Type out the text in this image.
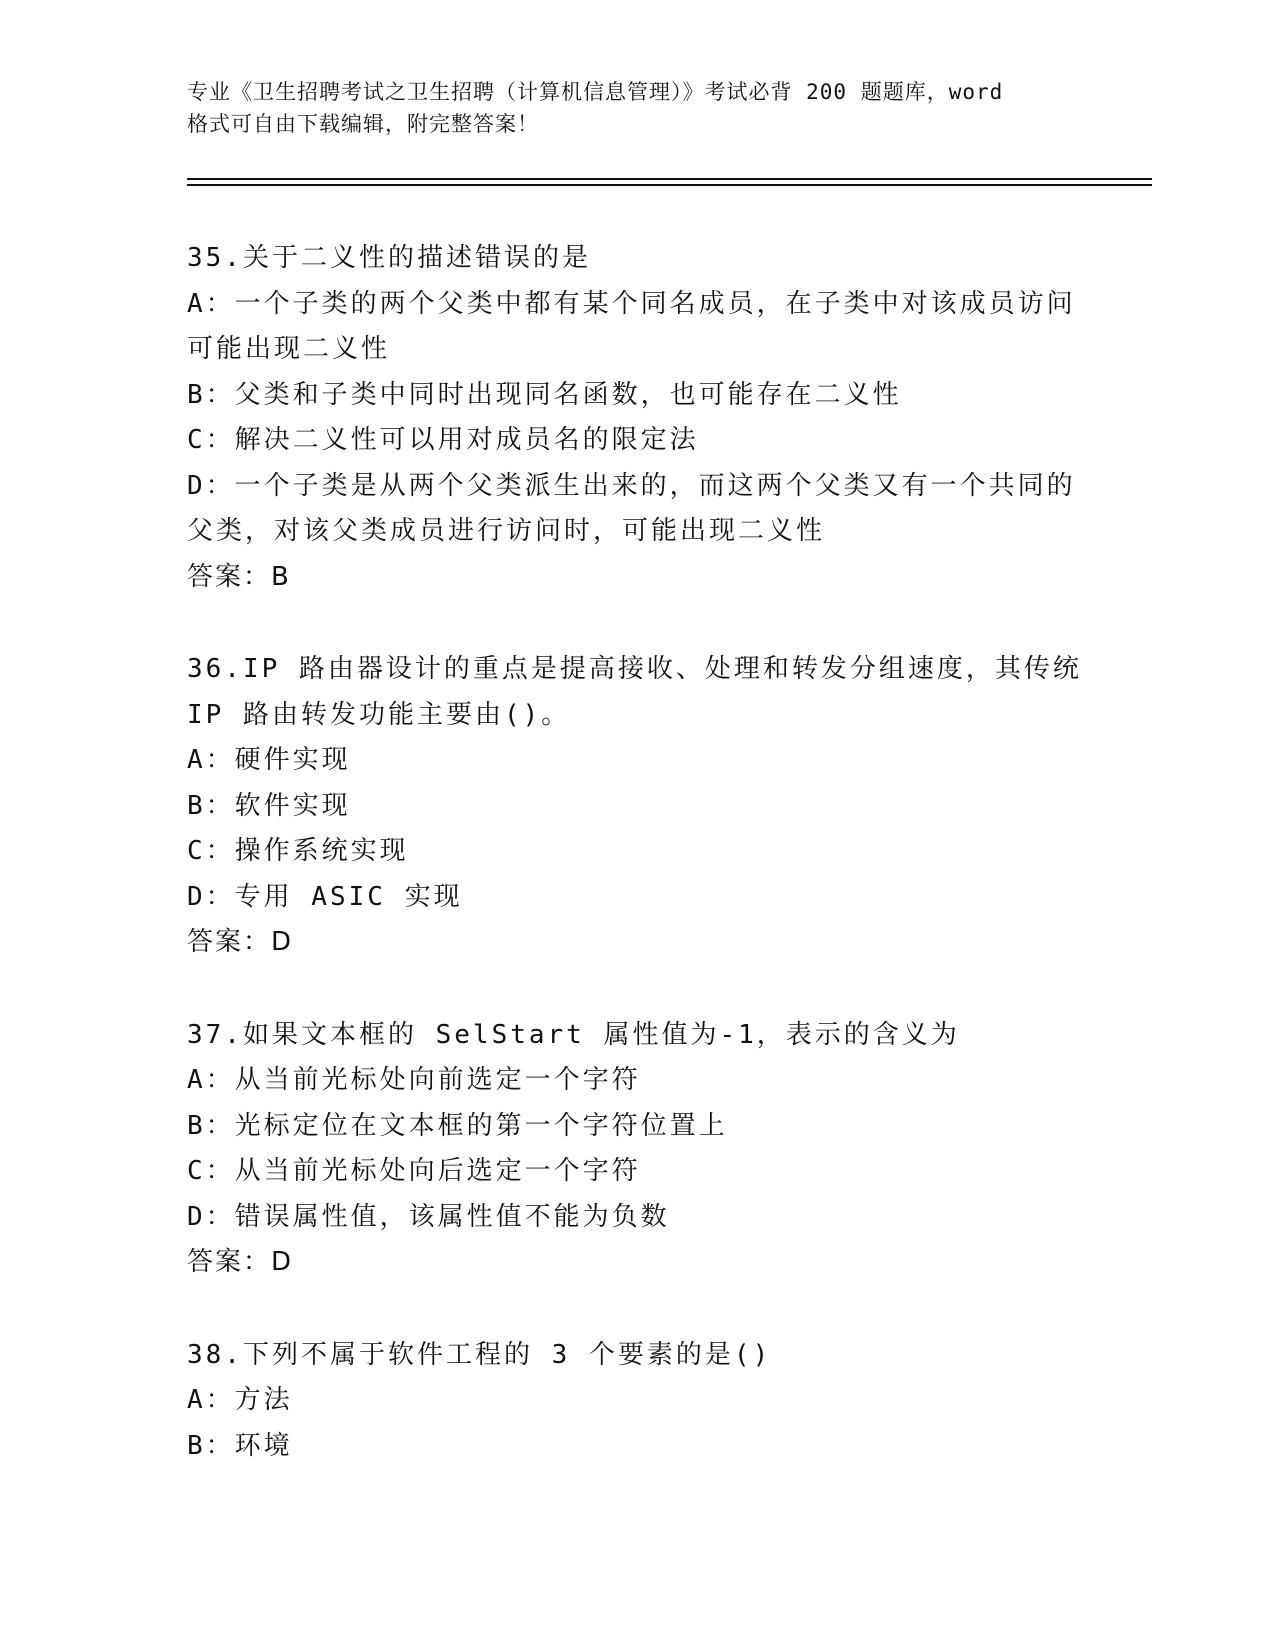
专业《卫生招聘考试之卫生招聘（计算机信息管理）》考试必背 200 题题库，word
格式可自由下载编辑，附完整答案！
35.关于二义性的描述错误的是
A：一个子类的两个父类中都有某个同名成员，在子类中对该成员访问
可能出现二义性
B：父类和子类中同时出现同名函数，也可能存在二义性
C：解决二义性可以用对成员名的限定法
D：一个子类是从两个父类派生出来的，而这两个父类又有一个共同的
父类，对该父类成员进行访问时，可能出现二义性
答案：B
36.IP 路由器设计的重点是提高接收、处理和转发分组速度，其传统
IP 路由转发功能主要由()。
A：硬件实现
B：软件实现
C：操作系统实现
D：专用 ASIC 实现
答案：D
37.如果文本框的 SelStart 属性值为-1，表示的含义为
A：从当前光标处向前选定一个字符
B：光标定位在文本框的第一个字符位置上
C：从当前光标处向后选定一个字符
D：错误属性值，该属性值不能为负数
答案：D
38.下列不属于软件工程的 3 个要素的是()
A：方法
B：环境
